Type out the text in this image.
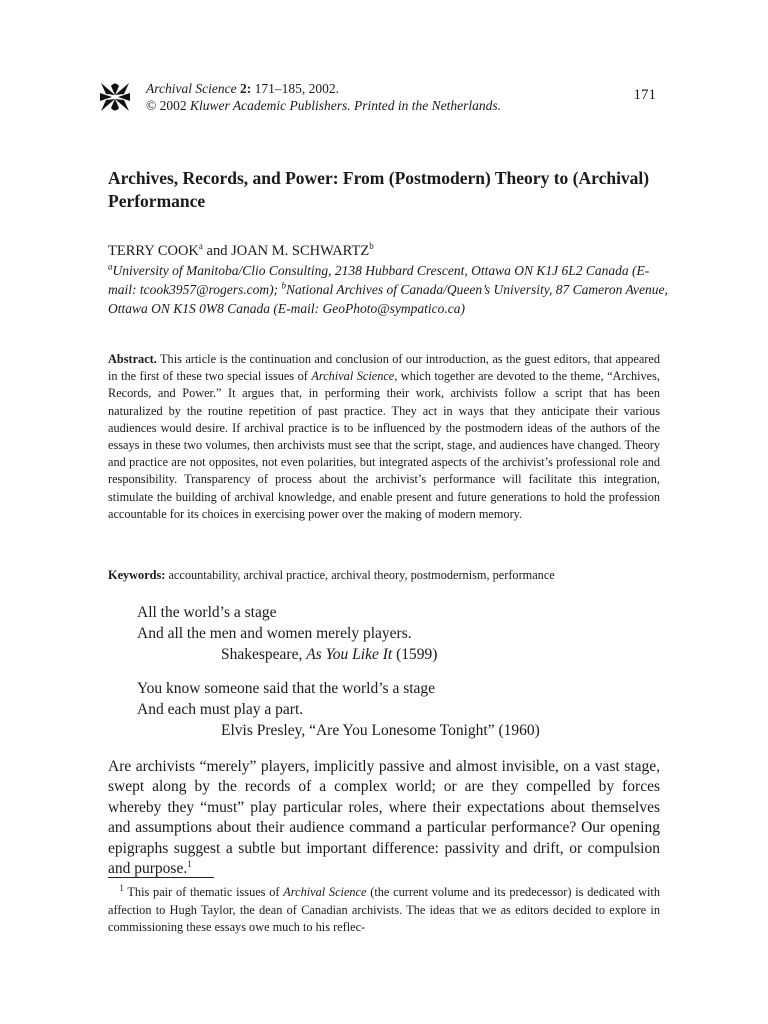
Archival Science 2: 171–185, 2002.
© 2002 Kluwer Academic Publishers. Printed in the Netherlands.
171
Archives, Records, and Power: From (Postmodern) Theory to (Archival) Performance
TERRY COOK$^a$ and JOAN M. SCHWARTZ$^b$
$^a$University of Manitoba/Clio Consulting, 2138 Hubbard Crescent, Ottawa ON K1J 6L2 Canada (E-mail: tcook3957@rogers.com); $^b$National Archives of Canada/Queen’s University, 87 Cameron Avenue, Ottawa ON K1S 0W8 Canada (E-mail: GeoPhoto@sympatico.ca)
Abstract. This article is the continuation and conclusion of our introduction, as the guest editors, that appeared in the first of these two special issues of Archival Science, which together are devoted to the theme, “Archives, Records, and Power.” It argues that, in performing their work, archivists follow a script that has been naturalized by the routine repetition of past practice. They act in ways that they anticipate their various audiences would desire. If archival practice is to be influenced by the postmodern ideas of the authors of the essays in these two volumes, then archivists must see that the script, stage, and audiences have changed. Theory and practice are not opposites, not even polarities, but integrated aspects of the archivist’s professional role and responsibility. Transparency of process about the archivist’s performance will facilitate this integration, stimulate the building of archival knowledge, and enable present and future generations to hold the profession accountable for its choices in exercising power over the making of modern memory.
Keywords: accountability, archival practice, archival theory, postmodernism, performance
All the world’s a stage
And all the men and women merely players.
Shakespeare, As You Like It (1599)
You know someone said that the world’s a stage
And each must play a part.
Elvis Presley, “Are You Lonesome Tonight” (1960)
Are archivists “merely” players, implicitly passive and almost invisible, on a vast stage, swept along by the records of a complex world; or are they compelled by forces whereby they “must” play particular roles, where their expectations about themselves and assumptions about their audience command a particular performance? Our opening epigraphs suggest a subtle but important difference: passivity and drift, or compulsion and purpose.$^1$
$^1$ This pair of thematic issues of Archival Science (the current volume and its predecessor) is dedicated with affection to Hugh Taylor, the dean of Canadian archivists. The ideas that we as editors decided to explore in commissioning these essays owe much to his reflec-
